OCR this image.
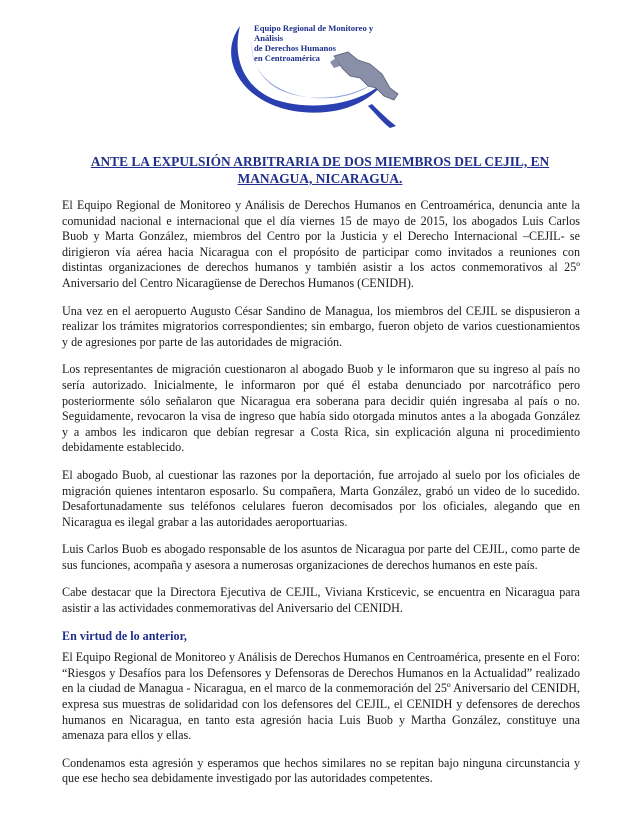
Equipo Regional de Monitoreo y Análisis
de Derechos Humanos
en Centroamérica
ANTE LA EXPULSIÓN ARBITRARIA DE DOS MIEMBROS DEL CEJIL, EN
MANAGUA, NICARAGUA.

El Equipo Regional de Monitoreo y Análisis de Derechos Humanos en Centroamérica, denuncia ante la comunidad nacional e internacional que el día viernes 15 de mayo de 2015, los abogados Luis Carlos Buob y Marta González, miembros del Centro por la Justicia y el Derecho Internacional –CEJIL- se dirigieron vía aérea hacia Nicaragua con el propósito de participar como invitados a reuniones con distintas organizaciones de derechos humanos y también asistir a los actos conmemorativos al 25º Aniversario del Centro Nicaragüense de Derechos Humanos (CENIDH).

Una vez en el aeropuerto Augusto César Sandino de Managua, los miembros del CEJIL se dispusieron a realizar los trámites migratorios correspondientes; sin embargo, fueron objeto de varios cuestionamientos y de agresiones por parte de las autoridades de migración.

Los representantes de migración cuestionaron al abogado Buob y le informaron que su ingreso al país no sería autorizado. Inicialmente, le informaron por qué él estaba denunciado por narcotráfico pero posteriormente sólo señalaron que Nicaragua era soberana para decidir quién ingresaba al país o no. Seguidamente, revocaron la visa de ingreso que había sido otorgada minutos antes a la abogada González y a ambos les indicaron que debían regresar a Costa Rica, sin explicación alguna ni procedimiento debidamente establecido.

El abogado Buob, al cuestionar las razones por la deportación, fue arrojado al suelo por los oficiales de migración quienes intentaron esposarlo. Su compañera, Marta González, grabó un video de lo sucedido. Desafortunadamente sus teléfonos celulares fueron decomisados por los oficiales, alegando que en Nicaragua es ilegal grabar a las autoridades aeroportuarias.

Luis Carlos Buob es abogado responsable de los asuntos de Nicaragua por parte del CEJIL, como parte de sus funciones, acompaña y asesora a numerosas organizaciones de derechos humanos en este país.

Cabe destacar que la Directora Ejecutiva de CEJIL, Viviana Krsticevic, se encuentra en Nicaragua para asistir a las actividades conmemorativas del Aniversario del CENIDH.

En virtud de lo anterior,

El Equipo Regional de Monitoreo y Análisis de Derechos Humanos en Centroamérica, presente en el Foro: “Riesgos y Desafíos para los Defensores y Defensoras de Derechos Humanos en la Actualidad” realizado en la ciudad de Managua - Nicaragua, en el marco de la conmemoración del 25º Aniversario del CENIDH, expresa sus muestras de solidaridad con los defensores del CEJIL, el CENIDH y defensores de derechos humanos en Nicaragua, en tanto esta agresión hacia Luis Buob y Martha González, constituye una amenaza para ellos y ellas.

Condenamos esta agresión y esperamos que hechos similares no se repitan bajo ninguna circunstancia y que ese hecho sea debidamente investigado por las autoridades competentes.
